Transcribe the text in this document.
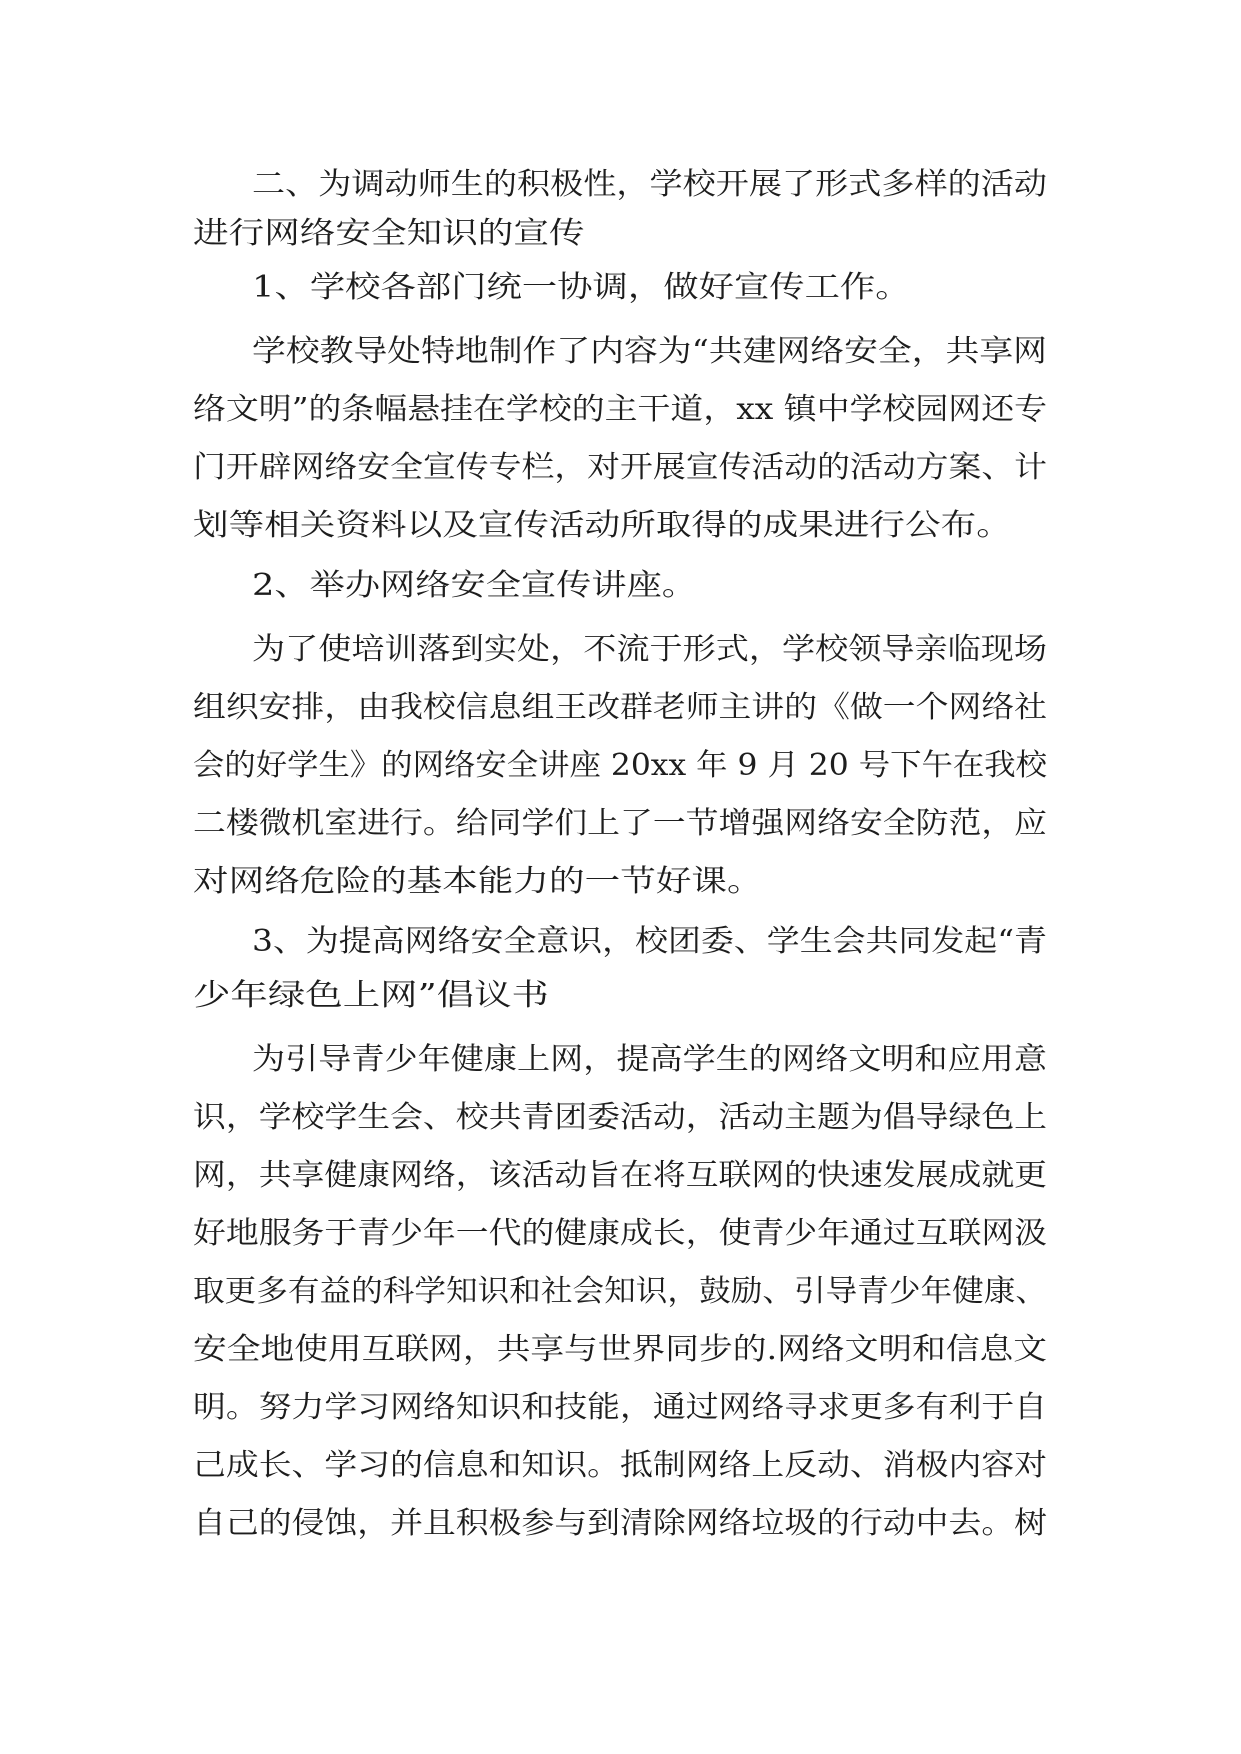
二、为调动师生的积极性，学校开展了形式多样的活动
进行网络安全知识的宣传
1、学校各部门统一协调，做好宣传工作。
学校教导处特地制作了内容为“共建网络安全，共享网
络文明”的条幅悬挂在学校的主干道，xx 镇中学校园网还专
门开辟网络安全宣传专栏，对开展宣传活动的活动方案、计
划等相关资料以及宣传活动所取得的成果进行公布。
2、举办网络安全宣传讲座。
为了使培训落到实处，不流于形式，学校领导亲临现场
组织安排，由我校信息组王改群老师主讲的《做一个网络社
会的好学生》的网络安全讲座 20xx 年 9 月 20 号下午在我校
二楼微机室进行。给同学们上了一节增强网络安全防范，应
对网络危险的基本能力的一节好课。
3、为提高网络安全意识，校团委、学生会共同发起“青
少年绿色上网”倡议书
为引导青少年健康上网，提高学生的网络文明和应用意
识，学校学生会、校共青团委活动，活动主题为倡导绿色上
网，共享健康网络，该活动旨在将互联网的快速发展成就更
好地服务于青少年一代的健康成长，使青少年通过互联网汲
取更多有益的科学知识和社会知识，鼓励、引导青少年健康、
安全地使用互联网，共享与世界同步的.网络文明和信息文
明。努力学习网络知识和技能，通过网络寻求更多有利于自
己成长、学习的信息和知识。抵制网络上反动、消极内容对
自己的侵蚀，并且积极参与到清除网络垃圾的行动中去。树
